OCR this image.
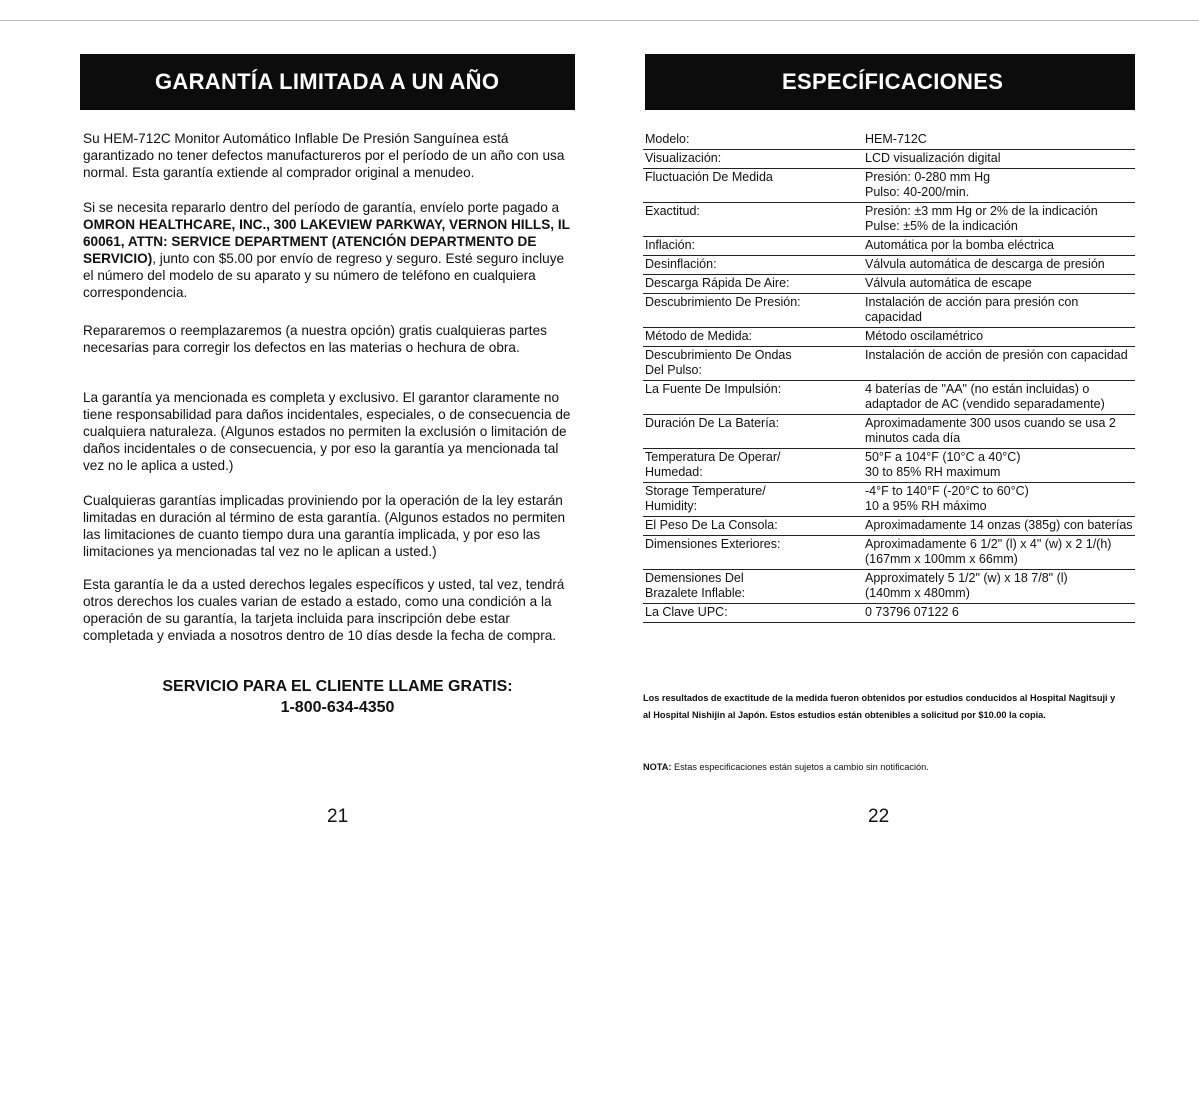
GARANTÍA LIMITADA A UN AÑO

Su HEM-712C Monitor Automático Inflable De Presión Sanguínea está garantizado no tener defectos manufactureros por el período de un año con usa normal. Esta garantía extiende al comprador original a menudeo.

Si se necesita repararlo dentro del período de garantía, envíelo porte pagado a OMRON HEALTHCARE, INC., 300 LAKEVIEW PARKWAY, VERNON HILLS, IL 60061, ATTN: SERVICE DEPARTMENT (ATENCIÓN DEPARTMENTO DE SERVICIO), junto con $5.00 por envío de regreso y seguro. Esté seguro incluye el número del modelo de su aparato y su número de teléfono en cualquiera correspondencia.

Repararemos o reemplazaremos (a nuestra opción) gratis cualquieras partes necesarias para corregir los defectos en las materias o hechura de obra.

La garantía ya mencionada es completa y exclusivo. El garantor claramente no tiene responsabilidad para daños incidentales, especiales, o de consecuencia de cualquiera naturaleza. (Algunos estados no permiten la exclusión o limitación de daños incidentales o de consecuencia, y por eso la garantía ya mencionada tal vez no le aplica a usted.)

Cualquieras garantías implicadas proviniendo por la operación de la ley estarán limitadas en duración al término de esta garantía. (Algunos estados no permiten las limitaciones de cuanto tiempo dura una garantía implicada, y por eso las limitaciones ya mencionadas tal vez no le aplican a usted.)

Esta garantía le da a usted derechos legales específicos y usted, tal vez, tendrá otros derechos los cuales varian de estado a estado, como una condición a la operación de su garantía, la tarjeta incluida para inscripción debe estar completada y enviada a nosotros dentro de 10 días desde la fecha de compra.

SERVICIO PARA EL CLIENTE LLAME GRATIS:
1-800-634-4350
21
ESPECÍFICACIONES
Modelo:	HEM-712C
Visualización:	LCD visualización digital
Fluctuación De Medida	Presión: 0-280 mm Hg
Pulso: 40-200/min.
Exactitud:	Presión: ±3 mm Hg or 2% de la indicación
Pulse: ±5% de la indicación
Inflación:	Automática por la bomba eléctrica
Desinflación:	Válvula automática de descarga de presión
Descarga Rápida De Aire:	Válvula automática de escape
Descubrimiento De Presión:	Instalación de acción para presión con capacidad
Método de Medida:	Método oscilamétrico
Descubrimiento De Ondas
Del Pulso:	Instalación de acción de presión con capacidad
La Fuente De Impulsión:	4 baterías de "AA" (no están incluidas) o adaptador de AC (vendido separadamente)
Duración De La Batería:	Aproximadamente 300 usos cuando se usa 2 minutos cada día
Temperatura De Operar/
Humedad:	50°F a 104°F (10°C a 40°C)
30 to 85% RH maximum
Storage Temperature/
Humidity:	-4°F to 140°F (-20°C to 60°C)
10 a 95% RH máximo
El Peso De La Consola:	Aproximadamente 14 onzas (385g) con baterías
Dimensiones Exteriores:	Aproximadamente 6 1/2" (l) x 4" (w) x 2 1/(h)
(167mm x 100mm x 66mm)
Demensiones Del
Brazalete Inflable:	Approximately 5 1/2" (w) x 18 7/8" (l)
(140mm x 480mm)
La Clave UPC:	0 73796 07122 6
Los resultados de exactitude de la medida fueron obtenidos por estudios conducidos al Hospital Nagitsuji y al Hospital Nishijin al Japón. Estos estudios están obtenibles a solicitud por $10.00 la copia.
NOTA: Estas especificaciones están sujetos a cambio sin notificación.
22
